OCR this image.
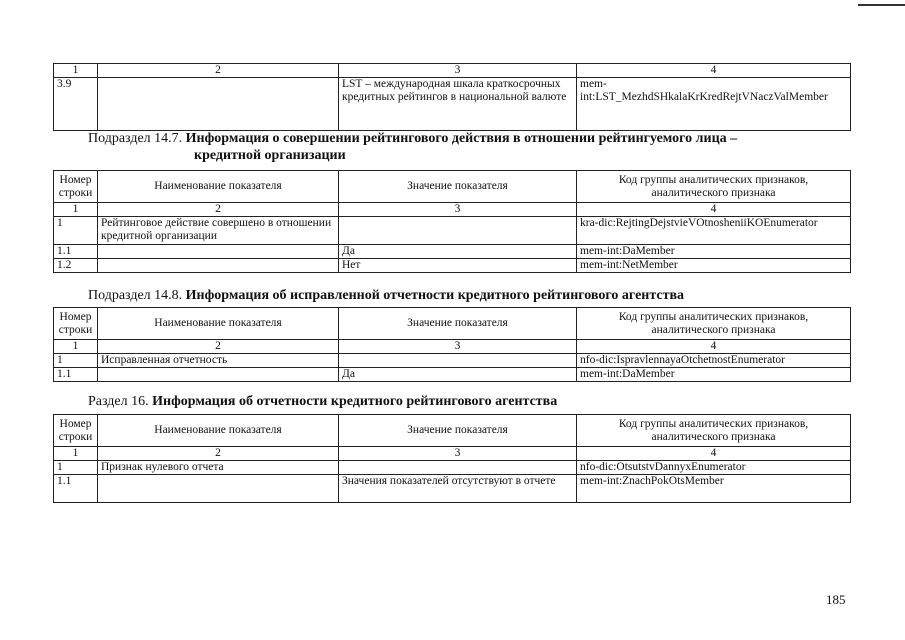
1	2	3	4
3.9		LST – международная шкала краткосрочных кредитных рейтингов в национальной валюте	mem-int:LST_MezhdSHkalaKrKredRejtVNaczValMember
Подраздел 14.7. Информация о совершении рейтингового действия в отношении рейтингуемого лица –
кредитной организации
Номер строки	Наименование показателя	Значение показателя	Код группы аналитических признаков, аналитического признака
1	2	3	4
1	Рейтинговое действие совершено в отношении кредитной организации		kra-dic:RejtingDejstvieVOtnosheniiKOEnumerator
1.1		Да	mem-int:DaMember
1.2		Нет	mem-int:NetMember
Подраздел 14.8. Информация об исправленной отчетности кредитного рейтингового агентства
Номер строки	Наименование показателя	Значение показателя	Код группы аналитических признаков, аналитического признака
1	2	3	4
1	Исправленная отчетность		nfo-dic:IspravlennayaOtchetnostEnumerator
1.1		Да	mem-int:DaMember
Раздел 16. Информация об отчетности кредитного рейтингового агентства
Номер строки	Наименование показателя	Значение показателя	Код группы аналитических признаков, аналитического признака
1	2	3	4
1	Признак нулевого отчета		nfo-dic:OtsutstvDannyxEnumerator
1.1		Значения показателей отсутствуют в отчете	mem-int:ZnachPokOtsMember
185
